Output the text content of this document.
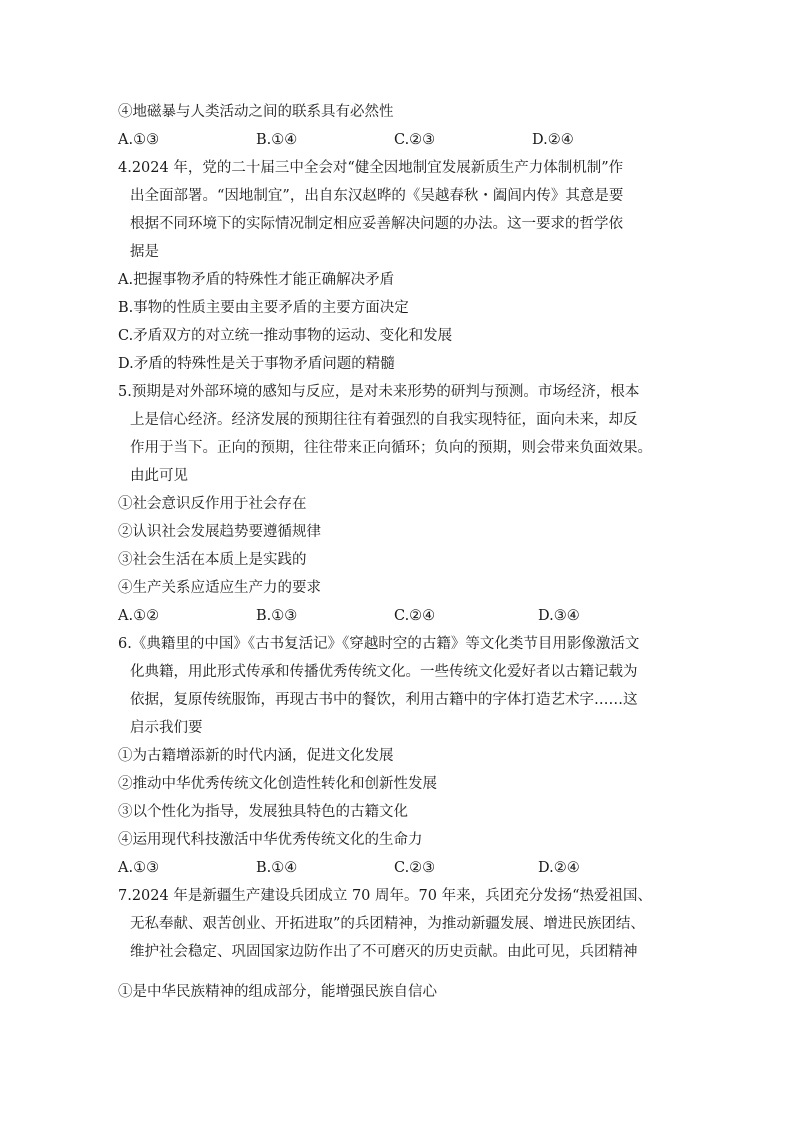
④地磁暴与人类活动之间的联系具有必然性
A.①③	B.①④	C.②③	D.②④
4.2024 年，党的二十届三中全会对“健全因地制宜发展新质生产力体制机制”作
出全面部署。“因地制宜”，出自东汉赵晔的《吴越春秋・阖闾内传》其意是要
根据不同环境下的实际情况制定相应妥善解决问题的办法。这一要求的哲学依
据是
A.把握事物矛盾的特殊性才能正确解决矛盾
B.事物的性质主要由主要矛盾的主要方面决定
C.矛盾双方的对立统一推动事物的运动、变化和发展
D.矛盾的特殊性是关于事物矛盾问题的精髓
5.预期是对外部环境的感知与反应，是对未来形势的研判与预测。市场经济，根本
上是信心经济。经济发展的预期往往有着强烈的自我实现特征，面向未来，却反
作用于当下。正向的预期，往往带来正向循环；负向的预期，则会带来负面效果。
由此可见
①社会意识反作用于社会存在
②认识社会发展趋势要遵循规律
③社会生活在本质上是实践的
④生产关系应适应生产力的要求
A.①②	B.①③	C.②④	D.③④
6.《典籍里的中国》《古书复活记》《穿越时空的古籍》等文化类节目用影像激活文
化典籍，用此形式传承和传播优秀传统文化。一些传统文化爱好者以古籍记载为
依据，复原传统服饰，再现古书中的餐饮，利用古籍中的字体打造艺术字……这
启示我们要
①为古籍增添新的时代内涵，促进文化发展
②推动中华优秀传统文化创造性转化和创新性发展
③以个性化为指导，发展独具特色的古籍文化
④运用现代科技激活中华优秀传统文化的生命力
A.①③	B.①④	C.②③	D.②④
7.2024 年是新疆生产建设兵团成立 70 周年。70 年来，兵团充分发扬“热爱祖国、
无私奉献、艰苦创业、开拓进取”的兵团精神，为推动新疆发展、增进民族团结、
维护社会稳定、巩固国家边防作出了不可磨灭的历史贡献。由此可见，兵团精神
①是中华民族精神的组成部分，能增强民族自信心
